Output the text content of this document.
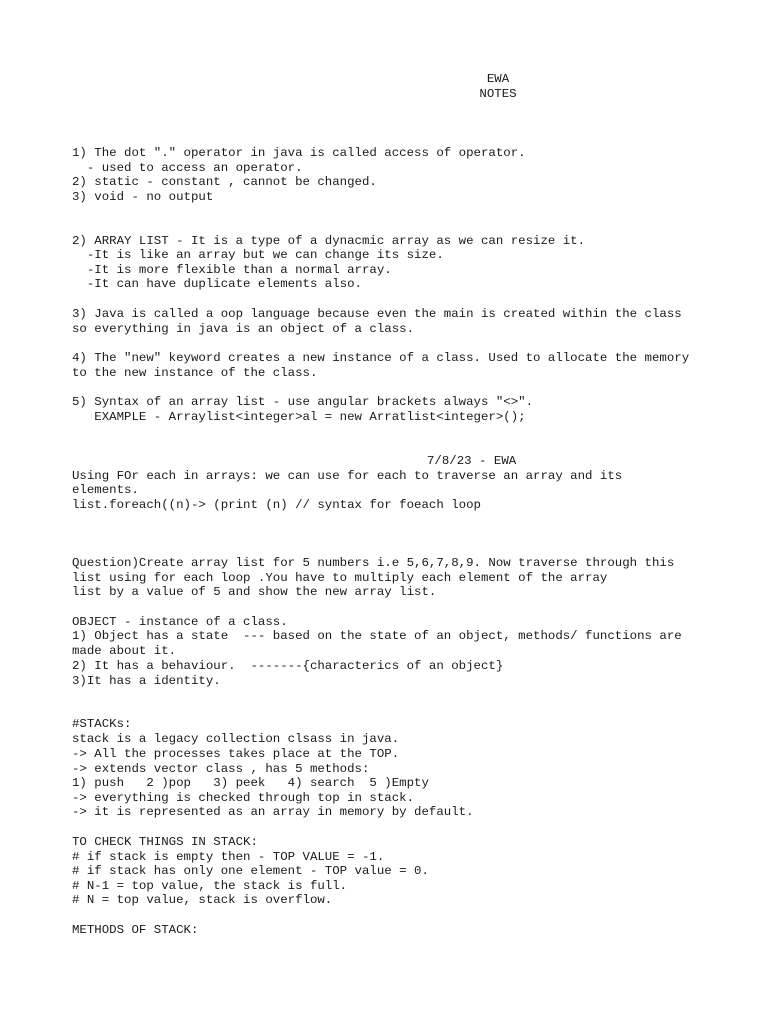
EWA
NOTES
1) The dot "." operator in java is called access of operator.
- used to access an operator.
2) static - constant , cannot be changed.
3) void - no output
2) ARRAY LIST - It is a type of a dynacmic array as we can resize it.
-It is like an array but we can change its size.
-It is more flexible than a normal array.
-It can have duplicate elements also.
3) Java is called a oop language because even the main is created within the class
so everything in java is an object of a class.
4) The "new" keyword creates a new instance of a class. Used to allocate the memory
to the new instance of the class.
5) Syntax of an array list - use angular brackets always "<>".
EXAMPLE - Arraylist<integer>al = new Arratlist<integer>();
7/8/23 - EWA
Using FOr each in arrays: we can use for each to traverse an array and its
elements.
list.foreach((n)-> (print (n) // syntax for foeach loop
Question)Create array list for 5 numbers i.e 5,6,7,8,9. Now traverse through this
list using for each loop .You have to multiply each element of the array
list by a value of 5 and show the new array list.
OBJECT - instance of a class.
1) Object has a state  --- based on the state of an object, methods/ functions are
made about it.
2) It has a behaviour.  -------{characterics of an object}
3)It has a identity.
#STACKs:
stack is a legacy collection clsass in java.
-> All the processes takes place at the TOP.
-> extends vector class , has 5 methods:
1) push   2 )pop   3) peek   4) search  5 )Empty
-> everything is checked through top in stack.
-> it is represented as an array in memory by default.
TO CHECK THINGS IN STACK:
# if stack is empty then - TOP VALUE = -1.
# if stack has only one element - TOP value = 0.
# N-1 = top value, the stack is full.
# N = top value, stack is overflow.
METHODS OF STACK:
